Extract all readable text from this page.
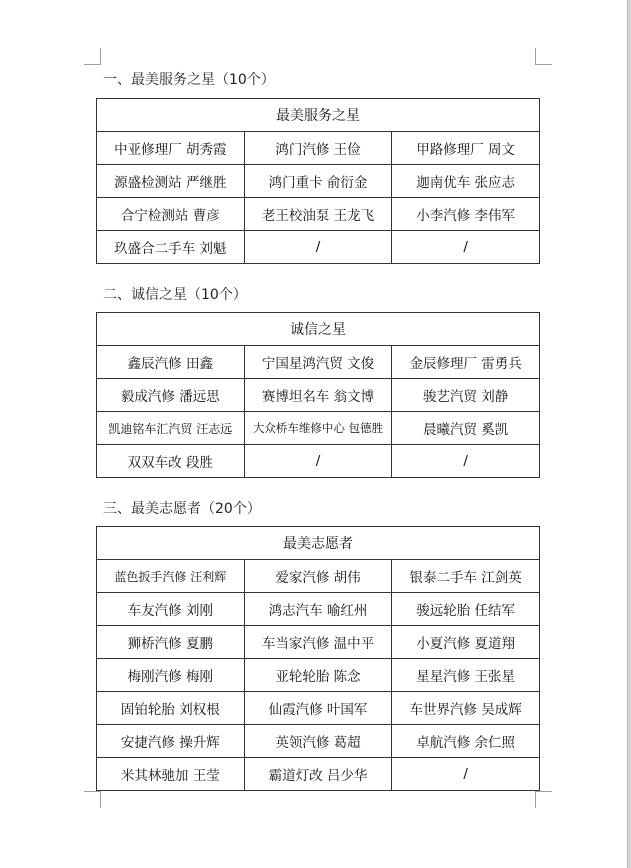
一、最美服务之星（10个）
最美服务之星		
中亚修理厂 胡秀霞	鸿门汽修 王俭	甲路修理厂 周文
源盛检测站 严继胜	鸿门重卡 俞衍金	迦南优车 张应志
合宁检测站 曹彦	老王校油泵 王龙飞	小李汽修 李伟军
玖盛合二手车 刘魁	/	/
二、诚信之星（10个）
诚信之星		
鑫辰汽修 田鑫	宁国星鸿汽贸 文俊	金辰修理厂 雷勇兵
毅成汽修 潘远思	赛博坦名车 翁文博	骏艺汽贸 刘静
凯迪铭车汇汽贸 汪志远	大众桥车维修中心 包德胜	晨曦汽贸 奚凯
双双车改 段胜	/	/
三、最美志愿者（20个）
最美志愿者		
蓝色扳手汽修 汪利辉	爱家汽修 胡伟	银泰二手车 江剑英
车友汽修 刘刚	鸿志汽车 喻红州	骏远轮胎 任结军
狮桥汽修 夏鹏	车当家汽修 温中平	小夏汽修 夏道翔
梅刚汽修 梅刚	亚轮轮胎 陈念	星星汽修 王张星
固铂轮胎 刘权根	仙霞汽修 叶国军	车世界汽修 吴成辉
安捷汽修 操升辉	英领汽修 葛超	卓航汽修 余仁照
米其林驰加 王莹	霸道灯改 吕少华	/
